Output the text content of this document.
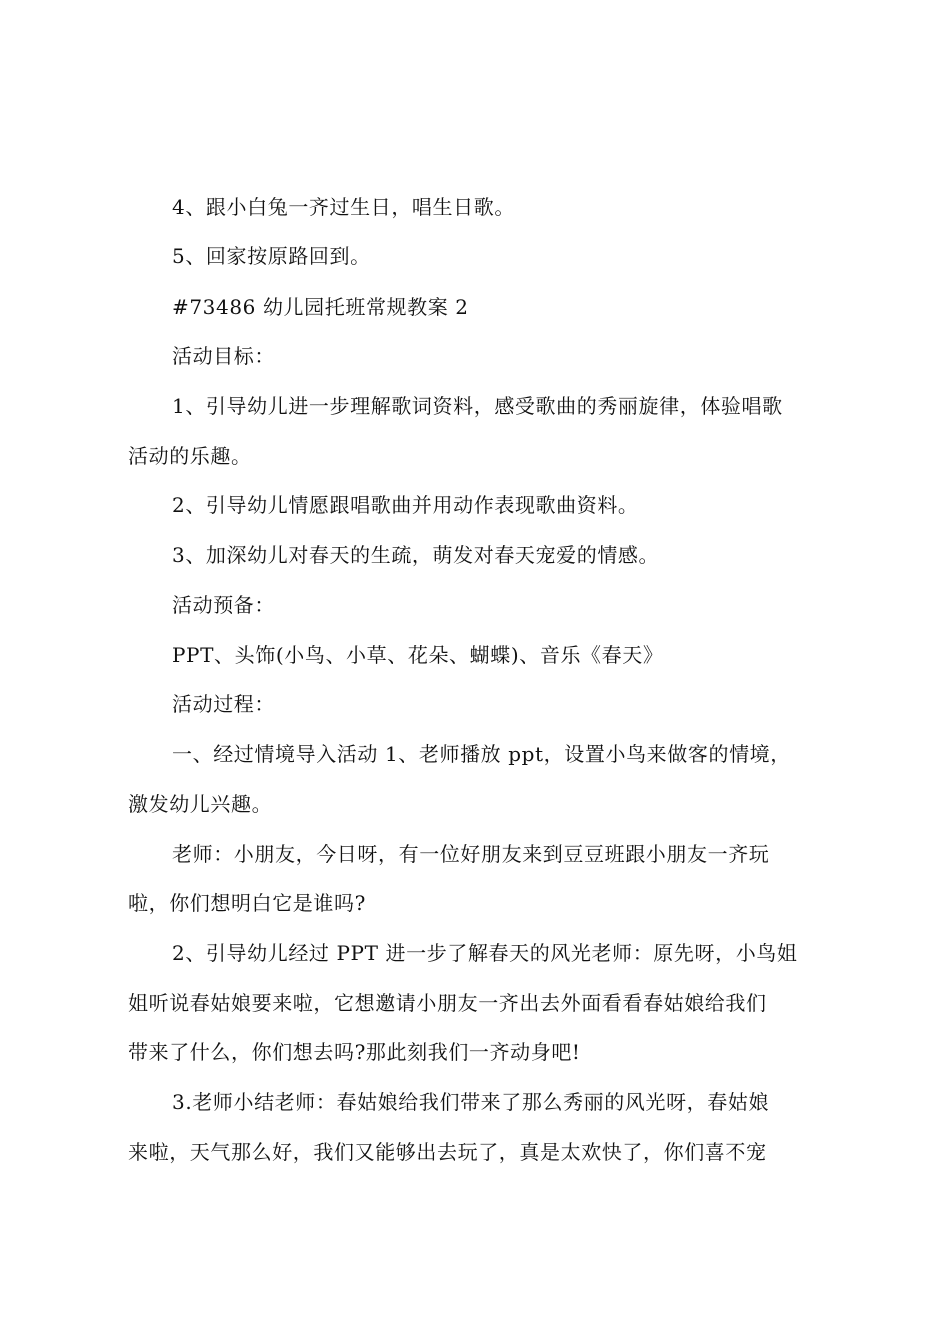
4、跟小白兔一齐过生日，唱生日歌。
5、回家按原路回到。
#73486 幼儿园托班常规教案 2
活动目标：
1、引导幼儿进一步理解歌词资料，感受歌曲的秀丽旋律，体验唱歌
活动的乐趣。
2、引导幼儿情愿跟唱歌曲并用动作表现歌曲资料。
3、加深幼儿对春天的生疏，萌发对春天宠爱的情感。
活动预备：
PPT、头饰(小鸟、小草、花朵、蝴蝶)、音乐《春天》
活动过程：
一、经过情境导入活动 1、老师播放 ppt，设置小鸟来做客的情境，
激发幼儿兴趣。
老师：小朋友，今日呀，有一位好朋友来到豆豆班跟小朋友一齐玩
啦，你们想明白它是谁吗?
2、引导幼儿经过 PPT 进一步了解春天的风光老师：原先呀，小鸟姐
姐听说春姑娘要来啦，它想邀请小朋友一齐出去外面看看春姑娘给我们
带来了什么，你们想去吗?那此刻我们一齐动身吧!
3.老师小结老师：春姑娘给我们带来了那么秀丽的风光呀，春姑娘
来啦，天气那么好，我们又能够出去玩了，真是太欢快了，你们喜不宠
